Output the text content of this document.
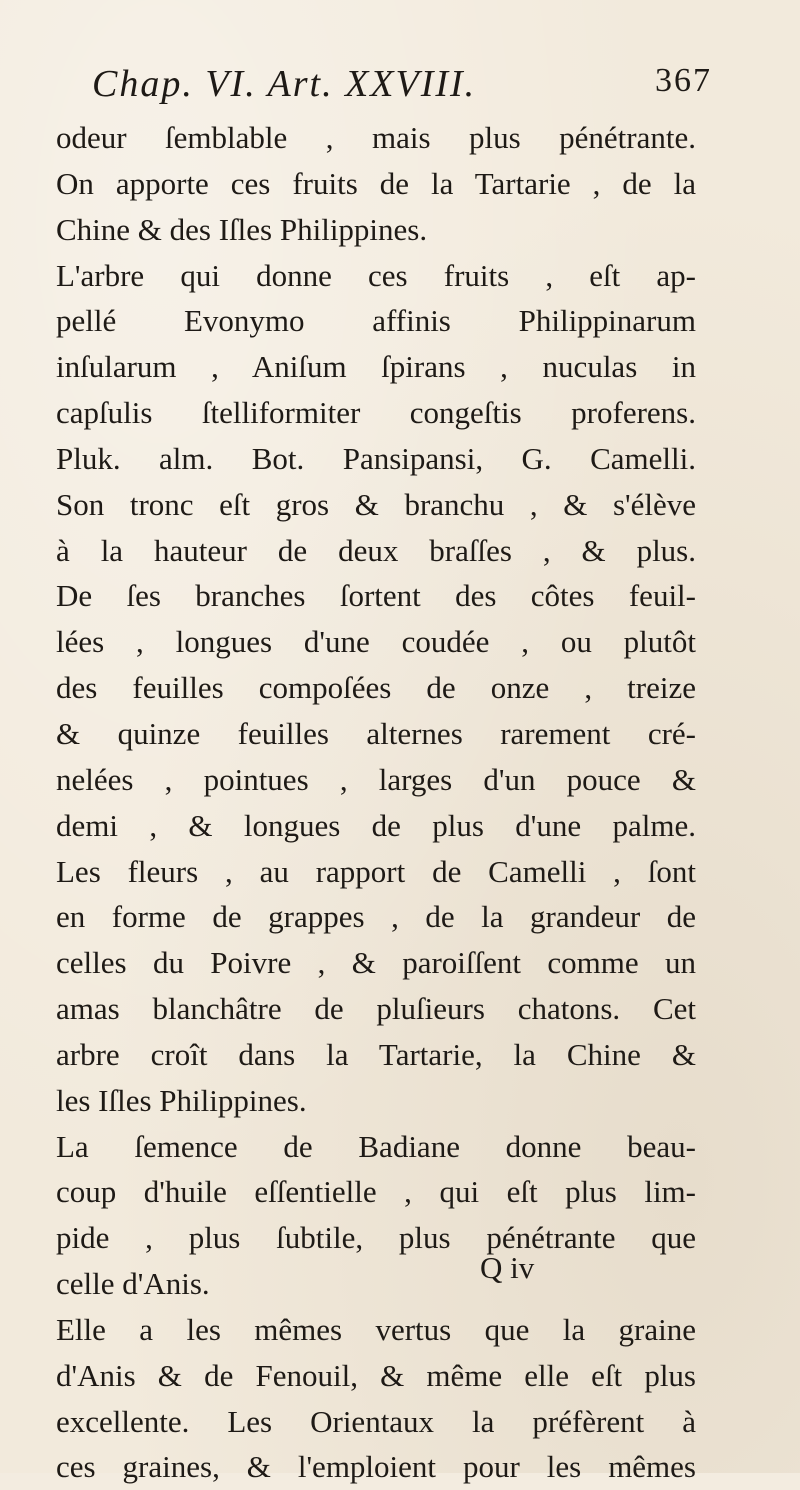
Chap. VI. Art. XXVIII.	367
odeur ſemblable , mais plus pénétrante.
On apporte ces fruits de la Tartarie , de la
Chine & des Iſles Philippines.
L'arbre qui donne ces fruits , eſt ap-
pellé Evonymo affinis Philippinarum
inſularum , Aniſum ſpirans , nuculas in
capſulis ſtelliformiter congeſtis proferens.
Pluk. alm. Bot. Pansipansi, G. Camelli.
Son tronc eſt gros & branchu , & s'élève
à la hauteur de deux braſſes , & plus.
De ſes branches ſortent des côtes feuil-
lées , longues d'une coudée , ou plutôt
des feuilles compoſées de onze , treize
& quinze feuilles alternes rarement cré-
nelées , pointues , larges d'un pouce &
demi , & longues de plus d'une palme.
Les fleurs , au rapport de Camelli , ſont
en forme de grappes , de la grandeur de
celles du Poivre , & paroiſſent comme un
amas blanchâtre de pluſieurs chatons. Cet
arbre croît dans la Tartarie, la Chine &
les Iſles Philippines.
La ſemence de Badiane donne beau-
coup d'huile eſſentielle , qui eſt plus lim-
pide , plus ſubtile, plus pénétrante que
celle d'Anis.
Elle a les mêmes vertus que la graine
d'Anis & de Fenouil, & même elle eſt plus
excellente. Les Orientaux la préfèrent à
ces graines, & l'emploient pour les mêmes
Q iv
